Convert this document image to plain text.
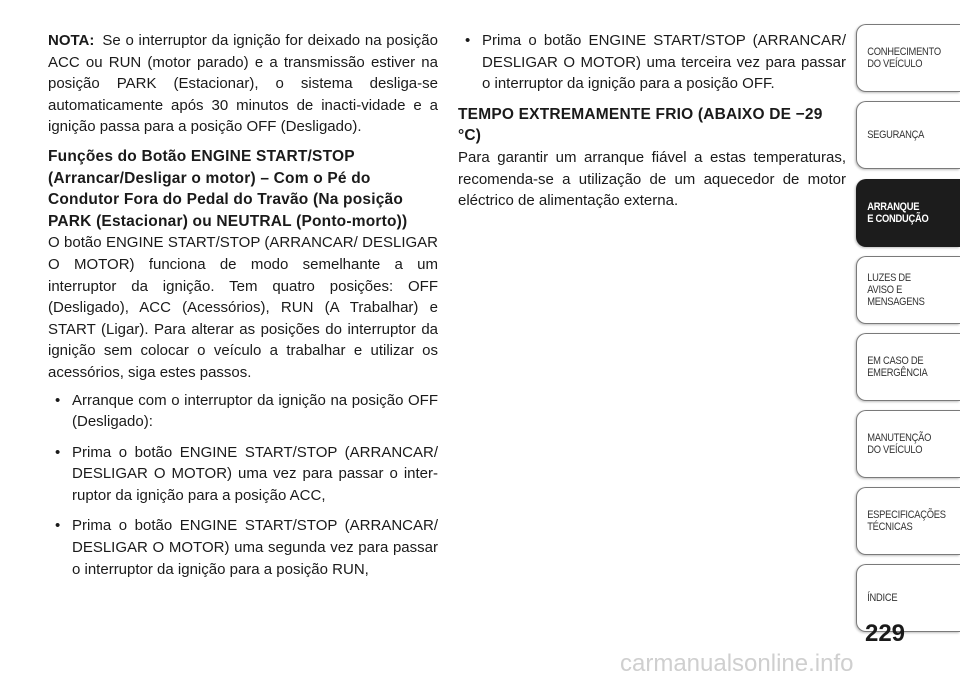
NOTA: Se o interruptor da ignição for deixado na posição ACC ou RUN (motor parado) e a transmissão estiver na posição PARK (Estacionar), o sistema desliga-se automaticamente após 30 minutos de inacti-vidade e a ignição passa para a posição OFF (Desligado).

Funções do Botão ENGINE START/STOP (Arrancar/Desligar o motor) – Com o Pé do Condutor Fora do Pedal do Travão (Na posição PARK (Estacionar) ou NEUTRAL (Ponto-morto))

O botão ENGINE START/STOP (ARRANCAR/ DESLIGAR O MOTOR) funciona de modo semelhante a um interruptor da ignição. Tem quatro posições: OFF (Desligado), ACC (Acessórios), RUN (A Trabalhar) e START (Ligar). Para alterar as posições do interruptor da ignição sem colocar o veículo a trabalhar e utilizar os acessórios, siga estes passos.

• Arranque com o interruptor da ignição na posição OFF (Desligado):
• Prima o botão ENGINE START/STOP (ARRANCAR/ DESLIGAR O MOTOR) uma vez para passar o inter-ruptor da ignição para a posição ACC,
• Prima o botão ENGINE START/STOP (ARRANCAR/ DESLIGAR O MOTOR) uma segunda vez para passar o interruptor da ignição para a posição RUN,
• Prima o botão ENGINE START/STOP (ARRANCAR/ DESLIGAR O MOTOR) uma terceira vez para passar o interruptor da ignição para a posição OFF.
TEMPO EXTREMAMENTE FRIO (ABAIXO DE −29 °C)

Para garantir um arranque fiável a estas temperaturas, recomenda-se a utilização de um aquecedor de motor eléctrico de alimentação externa.

CONHECIMENTO
DO VEÍCULO
SEGURANÇA
ARRANQUE
E CONDUÇÃO
LUZES DE
AVISO E
MENSAGENS
EM CASO DE
EMERGÊNCIA
MANUTENÇÃO
DO VEÍCULO
ESPECIFICAÇÕES
TÉCNICAS
ÍNDICE
229
carmanualsonline.info
